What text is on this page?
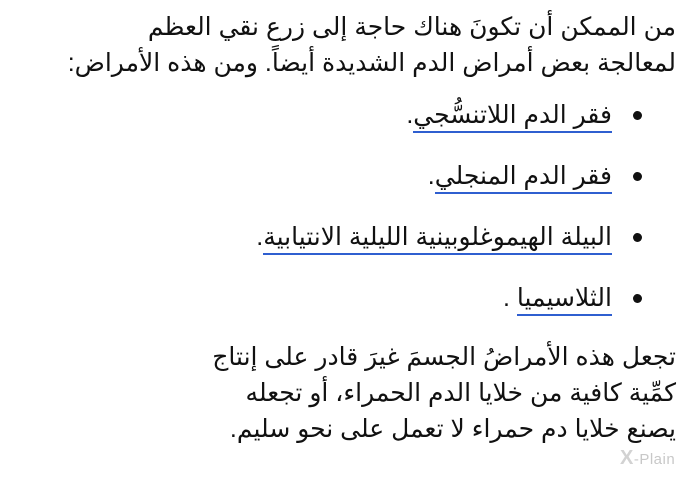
من الممكن أن تكونَ هناك حاجة إلى زرع نقي العظم
لمعالجة بعض أمراض الدم الشديدة أيضاً. ومن هذه الأمراض:

فقر الدم اللاتنسُّجي.
فقر الدم المنجلي.
البيلة الهيموغلوبينية الليلية الانتيابية.
الثلاسيميا .

تجعل هذه الأمراضُ الجسمَ غيرَ قادر على إنتاج
كمِّية كافية من خلايا الدم الحمراء، أو تجعله
يصنع خلايا دم حمراء لا تعمل على نحو سليم.

X-Plain
